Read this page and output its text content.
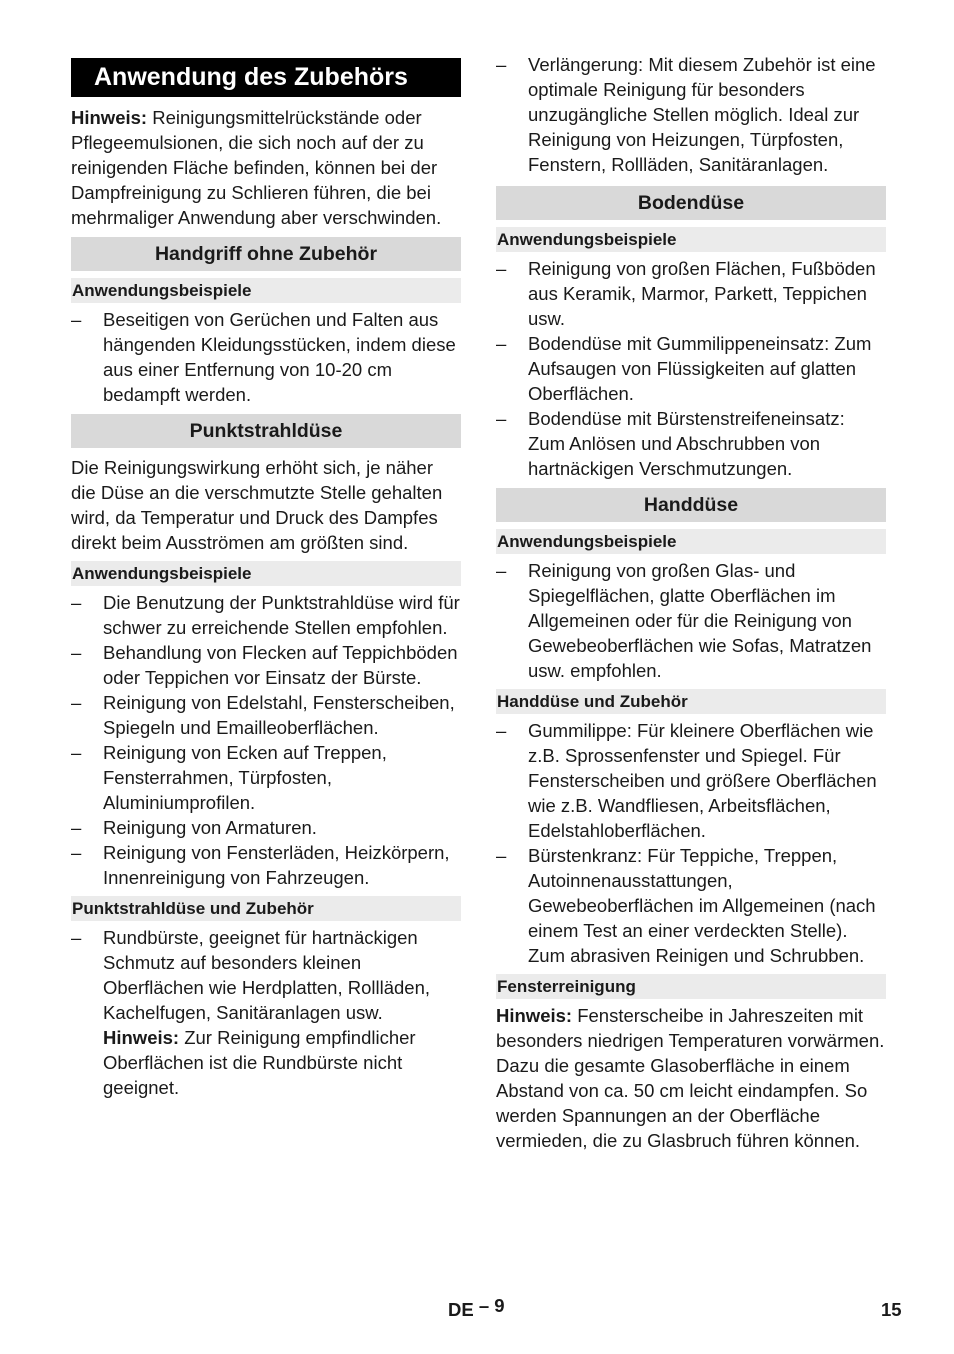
Anwendung des Zubehörs

Hinweis: Reinigungsmittelrückstände oder Pflegeemulsionen, die sich noch auf der zu reinigenden Fläche befinden, können bei der Dampfreinigung zu Schlieren führen, die bei mehrmaliger Anwendung aber verschwinden.

Handgriff ohne Zubehör
Anwendungsbeispiele
– Beseitigen von Gerüchen und Falten aus hängenden Kleidungsstücken, indem diese aus einer Entfernung von 10-20 cm bedampft werden.
Punktstrahldüse

Die Reinigungswirkung erhöht sich, je näher die Düse an die verschmutzte Stelle gehalten wird, da Temperatur und Druck des Dampfes direkt beim Ausströmen am größten sind.

Anwendungsbeispiele
– Die Benutzung der Punktstrahldüse wird für schwer zu erreichende Stellen empfohlen.
– Behandlung von Flecken auf Teppichböden oder Teppichen vor Einsatz der Bürste.
– Reinigung von Edelstahl, Fensterscheiben, Spiegeln und Emailleoberflächen.
– Reinigung von Ecken auf Treppen, Fensterrahmen, Türpfosten, Aluminiumprofilen.
– Reinigung von Armaturen.
– Reinigung von Fensterläden, Heizkörpern, Innenreinigung von Fahrzeugen.
Punktstrahldüse und Zubehör
– Rundbürste, geeignet für hartnäckigen Schmutz auf besonders kleinen Oberflächen wie Herdplatten, Rollläden, Kachelfugen, Sanitäranlagen usw.
Hinweis: Zur Reinigung empfindlicher Oberflächen ist die Rundbürste nicht geeignet.
– Verlängerung: Mit diesem Zubehör ist eine optimale Reinigung für besonders unzugängliche Stellen möglich. Ideal zur Reinigung von Heizungen, Türpfosten, Fenstern, Rollläden, Sanitäranlagen.
Bodendüse
Anwendungsbeispiele
– Reinigung von großen Flächen, Fußböden aus Keramik, Marmor, Parkett, Teppichen usw.
– Bodendüse mit Gummilippeneinsatz: Zum Aufsaugen von Flüssigkeiten auf glatten Oberflächen.
– Bodendüse mit Bürstenstreifeneinsatz: Zum Anlösen und Abschrubben von hartnäckigen Verschmutzungen.
Handdüse
Anwendungsbeispiele
– Reinigung von großen Glas- und Spiegelflächen, glatte Oberflächen im Allgemeinen oder für die Reinigung von Gewebeoberflächen wie Sofas, Matratzen usw. empfohlen.
Handdüse und Zubehör
– Gummilippe: Für kleinere Oberflächen wie z.B. Sprossenfenster und Spiegel. Für Fensterscheiben und größere Oberflächen wie z.B. Wandfliesen, Arbeitsflächen, Edelstahloberflächen.
– Bürstenkranz: Für Teppiche, Treppen, Autoinnenausstattungen, Gewebeoberflächen im Allgemeinen (nach einem Test an einer verdeckten Stelle). Zum abrasiven Reinigen und Schrubben.
Fensterreinigung

Hinweis: Fensterscheibe in Jahreszeiten mit besonders niedrigen Temperaturen vorwärmen. Dazu die gesamte Glasoberfläche in einem Abstand von ca. 50 cm leicht eindampfen. So werden Spannungen an der Oberfläche vermieden, die zu Glasbruch führen können.

DE – 9	15
